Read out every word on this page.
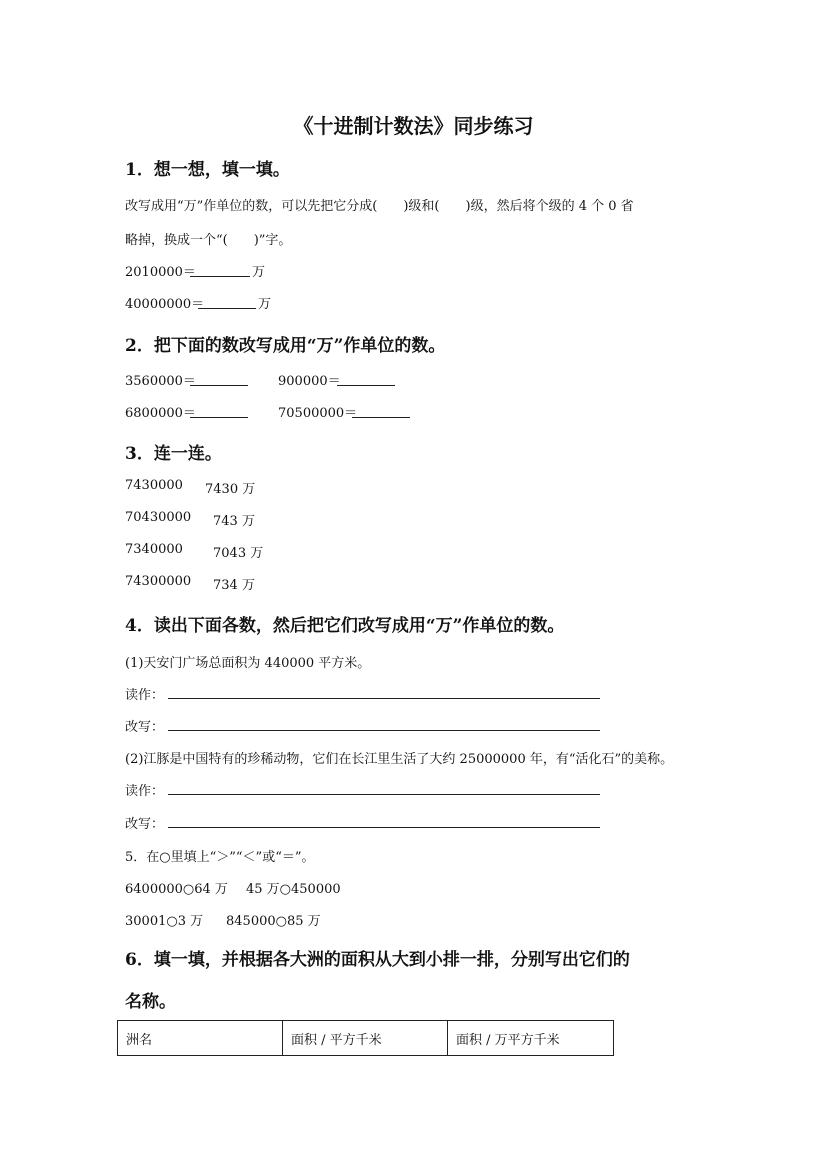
《十进制计数法》同步练习
1．想一想，填一填。
改写成用“万”作单位的数，可以先把它分成(　　)级和(　　)级，然后将个级的 4 个 0 省
略掉，换成一个“(　　)”字。
2010000＝	万
40000000＝	万
2．把下面的数改写成用“万”作单位的数。
3560000＝	900000＝
6800000＝	70500000＝
3．连一连。
7430000 7430 万
70430000 743 万
7340000 7043 万
74300000 734 万
4．读出下面各数，然后把它们改写成用“万”作单位的数。
(1)天安门广场总面积为 440000 平方米。
读作：
改写：
(2)江豚是中国特有的珍稀动物，它们在长江里生活了大约 25000000 年，有“活化石”的美称。
读作：
改写：
5．在○里填上“＞”“＜”或“＝”。
6400000○64 万 45 万○450000
30001○3 万 845000○85 万
6．填一填，并根据各大洲的面积从大到小排一排，分别写出它们的
名称。
洲名	面积 / 平方千米	面积 / 万平方千米
